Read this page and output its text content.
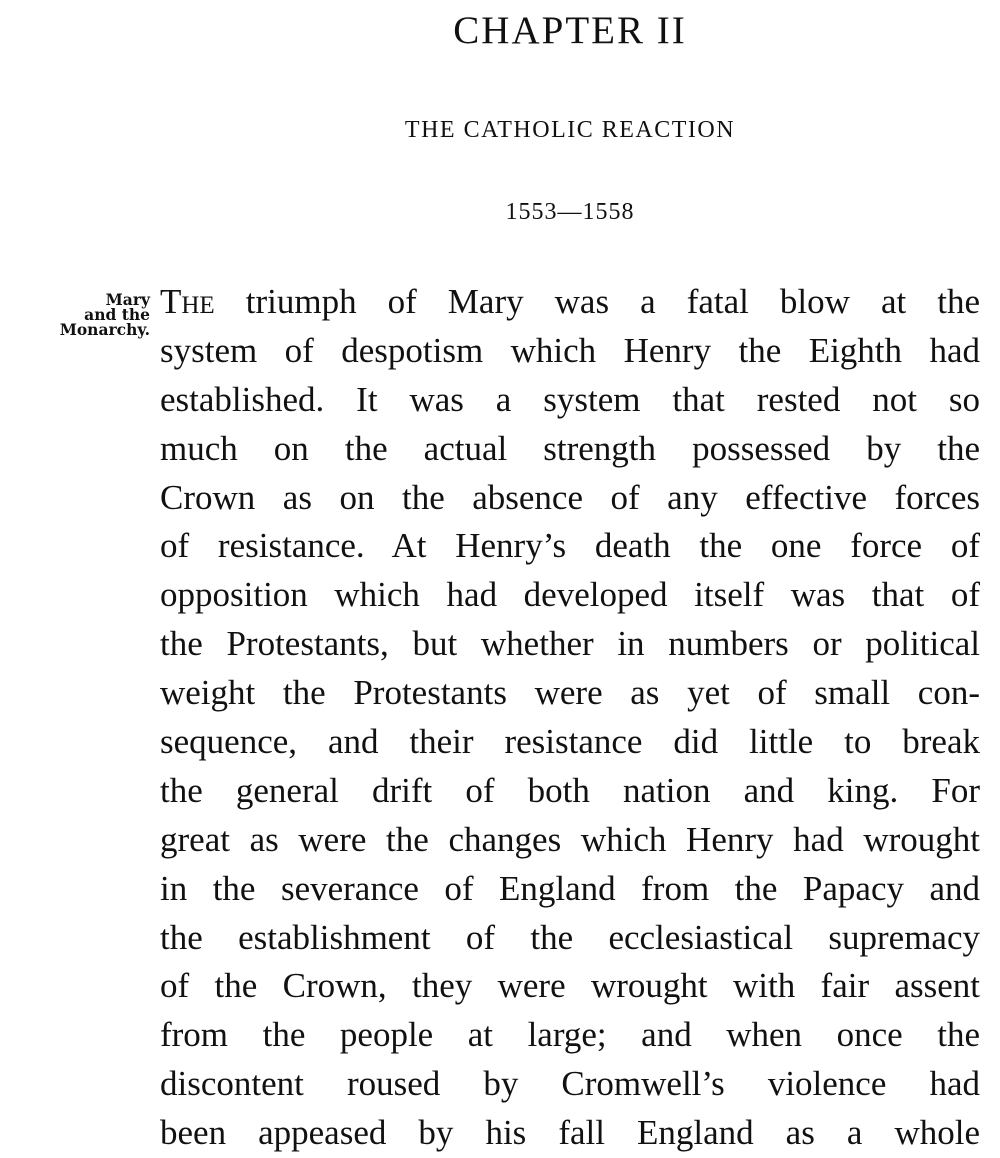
CHAPTER II
THE CATHOLIC REACTION
1553—1558
Mary
and the
Monarchy.
The triumph of Mary was a fatal blow at the
system of despotism which Henry the Eighth had
established. It was a system that rested not so
much on the actual strength possessed by the
Crown as on the absence of any effective forces
of resistance. At Henry’s death the one force of
opposition which had developed itself was that of
the Protestants, but whether in numbers or political
weight the Protestants were as yet of small con-
sequence, and their resistance did little to break
the general drift of both nation and king. For
great as were the changes which Henry had wrought
in the severance of England from the Papacy and
the establishment of the ecclesiastical supremacy
of the Crown, they were wrought with fair assent
from the people at large; and when once the
discontent roused by Cromwell’s violence had
been appeased by his fall England as a whole
